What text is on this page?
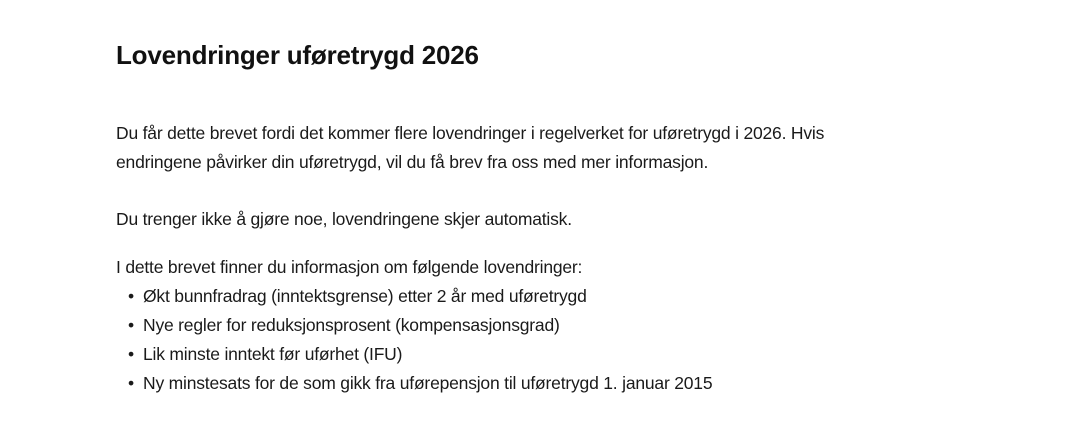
Lovendringer uføretrygd 2026

Du får dette brevet fordi det kommer flere lovendringer i regelverket for uføretrygd i 2026. Hvis
endringene påvirker din uføretrygd, vil du få brev fra oss med mer informasjon.

Du trenger ikke å gjøre noe, lovendringene skjer automatisk.

I dette brevet finner du informasjon om følgende lovendringer:

• Økt bunnfradrag (inntektsgrense) etter 2 år med uføretrygd
• Nye regler for reduksjonsprosent (kompensasjonsgrad)
• Lik minste inntekt før uførhet (IFU)
• Ny minstesats for de som gikk fra uførepensjon til uføretrygd 1. januar 2015
